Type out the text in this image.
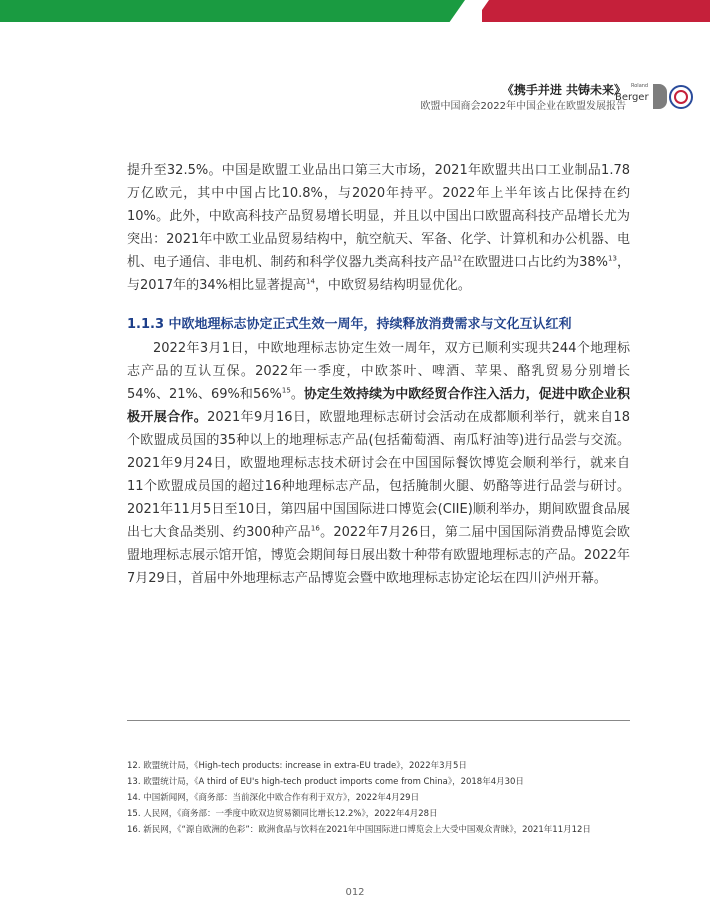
《携手并进 共铸未来》
欧盟中国商会2022年中国企业在欧盟发展报告
Roland
Berger

提升至32.5%。中国是欧盟工业品出口第三大市场，2021年欧盟共出口工业制品1.78万亿欧元，其中中国占比10.8%，与2020年持平。2022年上半年该占比保持在约10%。此外，中欧高科技产品贸易增长明显，并且以中国出口欧盟高科技产品增长尤为突出：2021年中欧工业品贸易结构中，航空航天、军备、化学、计算机和办公机器、电机、电子通信、非电机、制药和科学仪器九类高科技产品$^{12}$在欧盟进口占比约为38%$^{13}$，与2017年的34%相比显著提高$^{14}$，中欧贸易结构明显优化。

1.1.3 中欧地理标志协定正式生效一周年，持续释放消费需求与文化互认红利

2022年3月1日，中欧地理标志协定生效一周年，双方已顺利实现共244个地理标志产品的互认互保。2022年一季度，中欧茶叶、啤酒、苹果、酪乳贸易分别增长54%、21%、69%和56%$^{15}$。协定生效持续为中欧经贸合作注入活力，促进中欧企业积极开展合作。2021年9月16日，欧盟地理标志研讨会活动在成都顺利举行，就来自18个欧盟成员国的35种以上的地理标志产品(包括葡萄酒、南瓜籽油等)进行品尝与交流。2021年9月24日，欧盟地理标志技术研讨会在中国国际餐饮博览会顺利举行，就来自11个欧盟成员国的超过16种地理标志产品，包括腌制火腿、奶酪等进行品尝与研讨。2021年11月5日至10日，第四届中国国际进口博览会(CIIE)顺利举办，期间欧盟食品展出七大食品类别、约300种产品$^{16}$。2022年7月26日，第二届中国国际消费品博览会欧盟地理标志展示馆开馆，博览会期间每日展出数十种带有欧盟地理标志的产品。2022年7月29日，首届中外地理标志产品博览会暨中欧地理标志协定论坛在四川泸州开幕。

12. 欧盟统计局，《High-tech products: increase in extra-EU trade》，2022年3月5日
13. 欧盟统计局，《A third of EU's high-tech product imports come from China》，2018年4月30日
14. 中国新闻网，《商务部：当前深化中欧合作有利于双方》，2022年4月29日
15. 人民网，《商务部：一季度中欧双边贸易额同比增长12.2%》，2022年4月28日
16. 新民网，《“源自欧洲的色彩”：欧洲食品与饮料在2021年中国国际进口博览会上大受中国观众青睐》，2021年11月12日
012
